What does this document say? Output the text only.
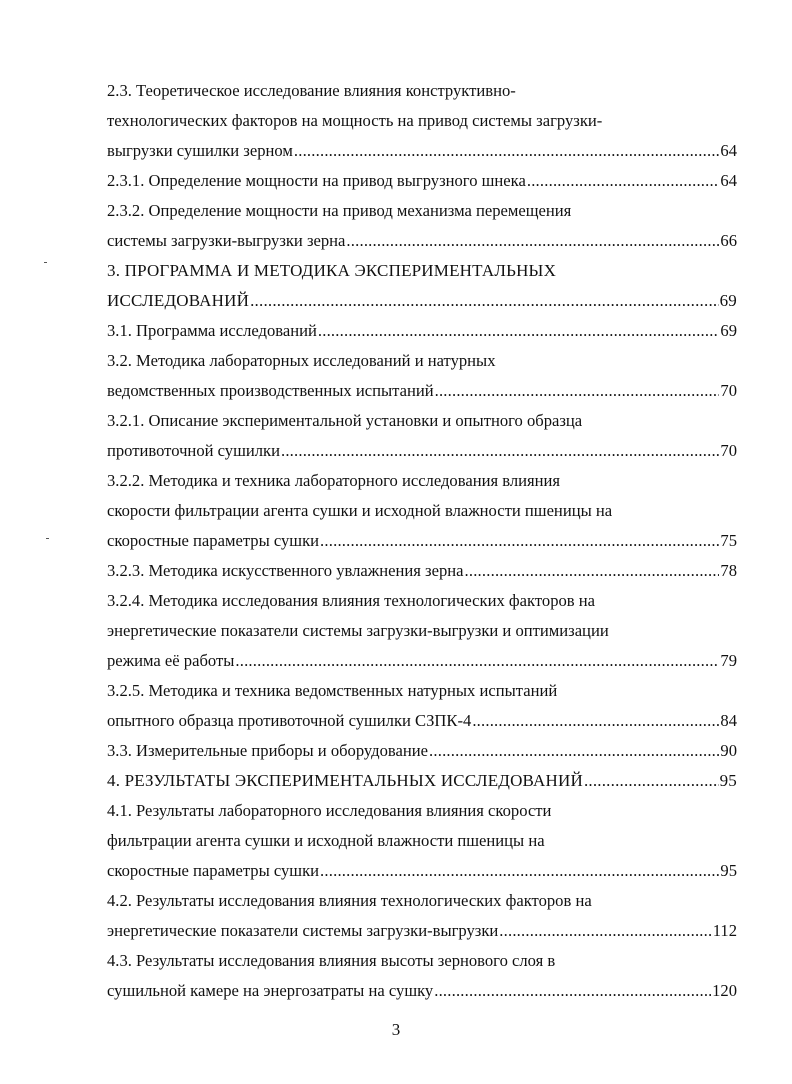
2.3. Теоретическое исследование влияния конструктивно-
технологических факторов на мощность на привод системы загрузки-
выгрузки сушилки зерном .....	64
2.3.1. Определение мощности на привод выгрузного шнека .....	64
2.3.2. Определение мощности на привод механизма перемещения
системы загрузки-выгрузки зерна .....	66
3. ПРОГРАММА И МЕТОДИКА ЭКСПЕРИМЕНТАЛЬНЫХ
ИССЛЕДОВАНИЙ .....	69
3.1. Программа исследований .....	69
3.2. Методика лабораторных исследований и натурных
ведомственных производственных испытаний .....	70
3.2.1. Описание экспериментальной установки и опытного образца
противоточной сушилки .....	70
3.2.2. Методика и техника лабораторного исследования влияния
скорости фильтрации агента сушки и исходной влажности пшеницы на
скоростные параметры сушки .....	75
3.2.3. Методика искусственного увлажнения зерна .....	78
3.2.4. Методика исследования влияния технологических факторов на
энергетические показатели системы загрузки-выгрузки и оптимизации
режима её работы .....	79
3.2.5. Методика и техника ведомственных натурных испытаний
опытного образца противоточной сушилки СЗПК-4 .....	84
3.3. Измерительные приборы и оборудование .....	90
4. РЕЗУЛЬТАТЫ ЭКСПЕРИМЕНТАЛЬНЫХ ИССЛЕДОВАНИЙ .....	95
4.1. Результаты лабораторного исследования влияния скорости
фильтрации агента сушки и исходной влажности пшеницы на
скоростные параметры сушки .....	95
4.2. Результаты исследования влияния технологических факторов на
энергетические показатели системы загрузки-выгрузки .....	112
4.3. Результаты исследования влияния высоты зернового слоя в
сушильной камере на энергозатраты на сушку .....	120
3
